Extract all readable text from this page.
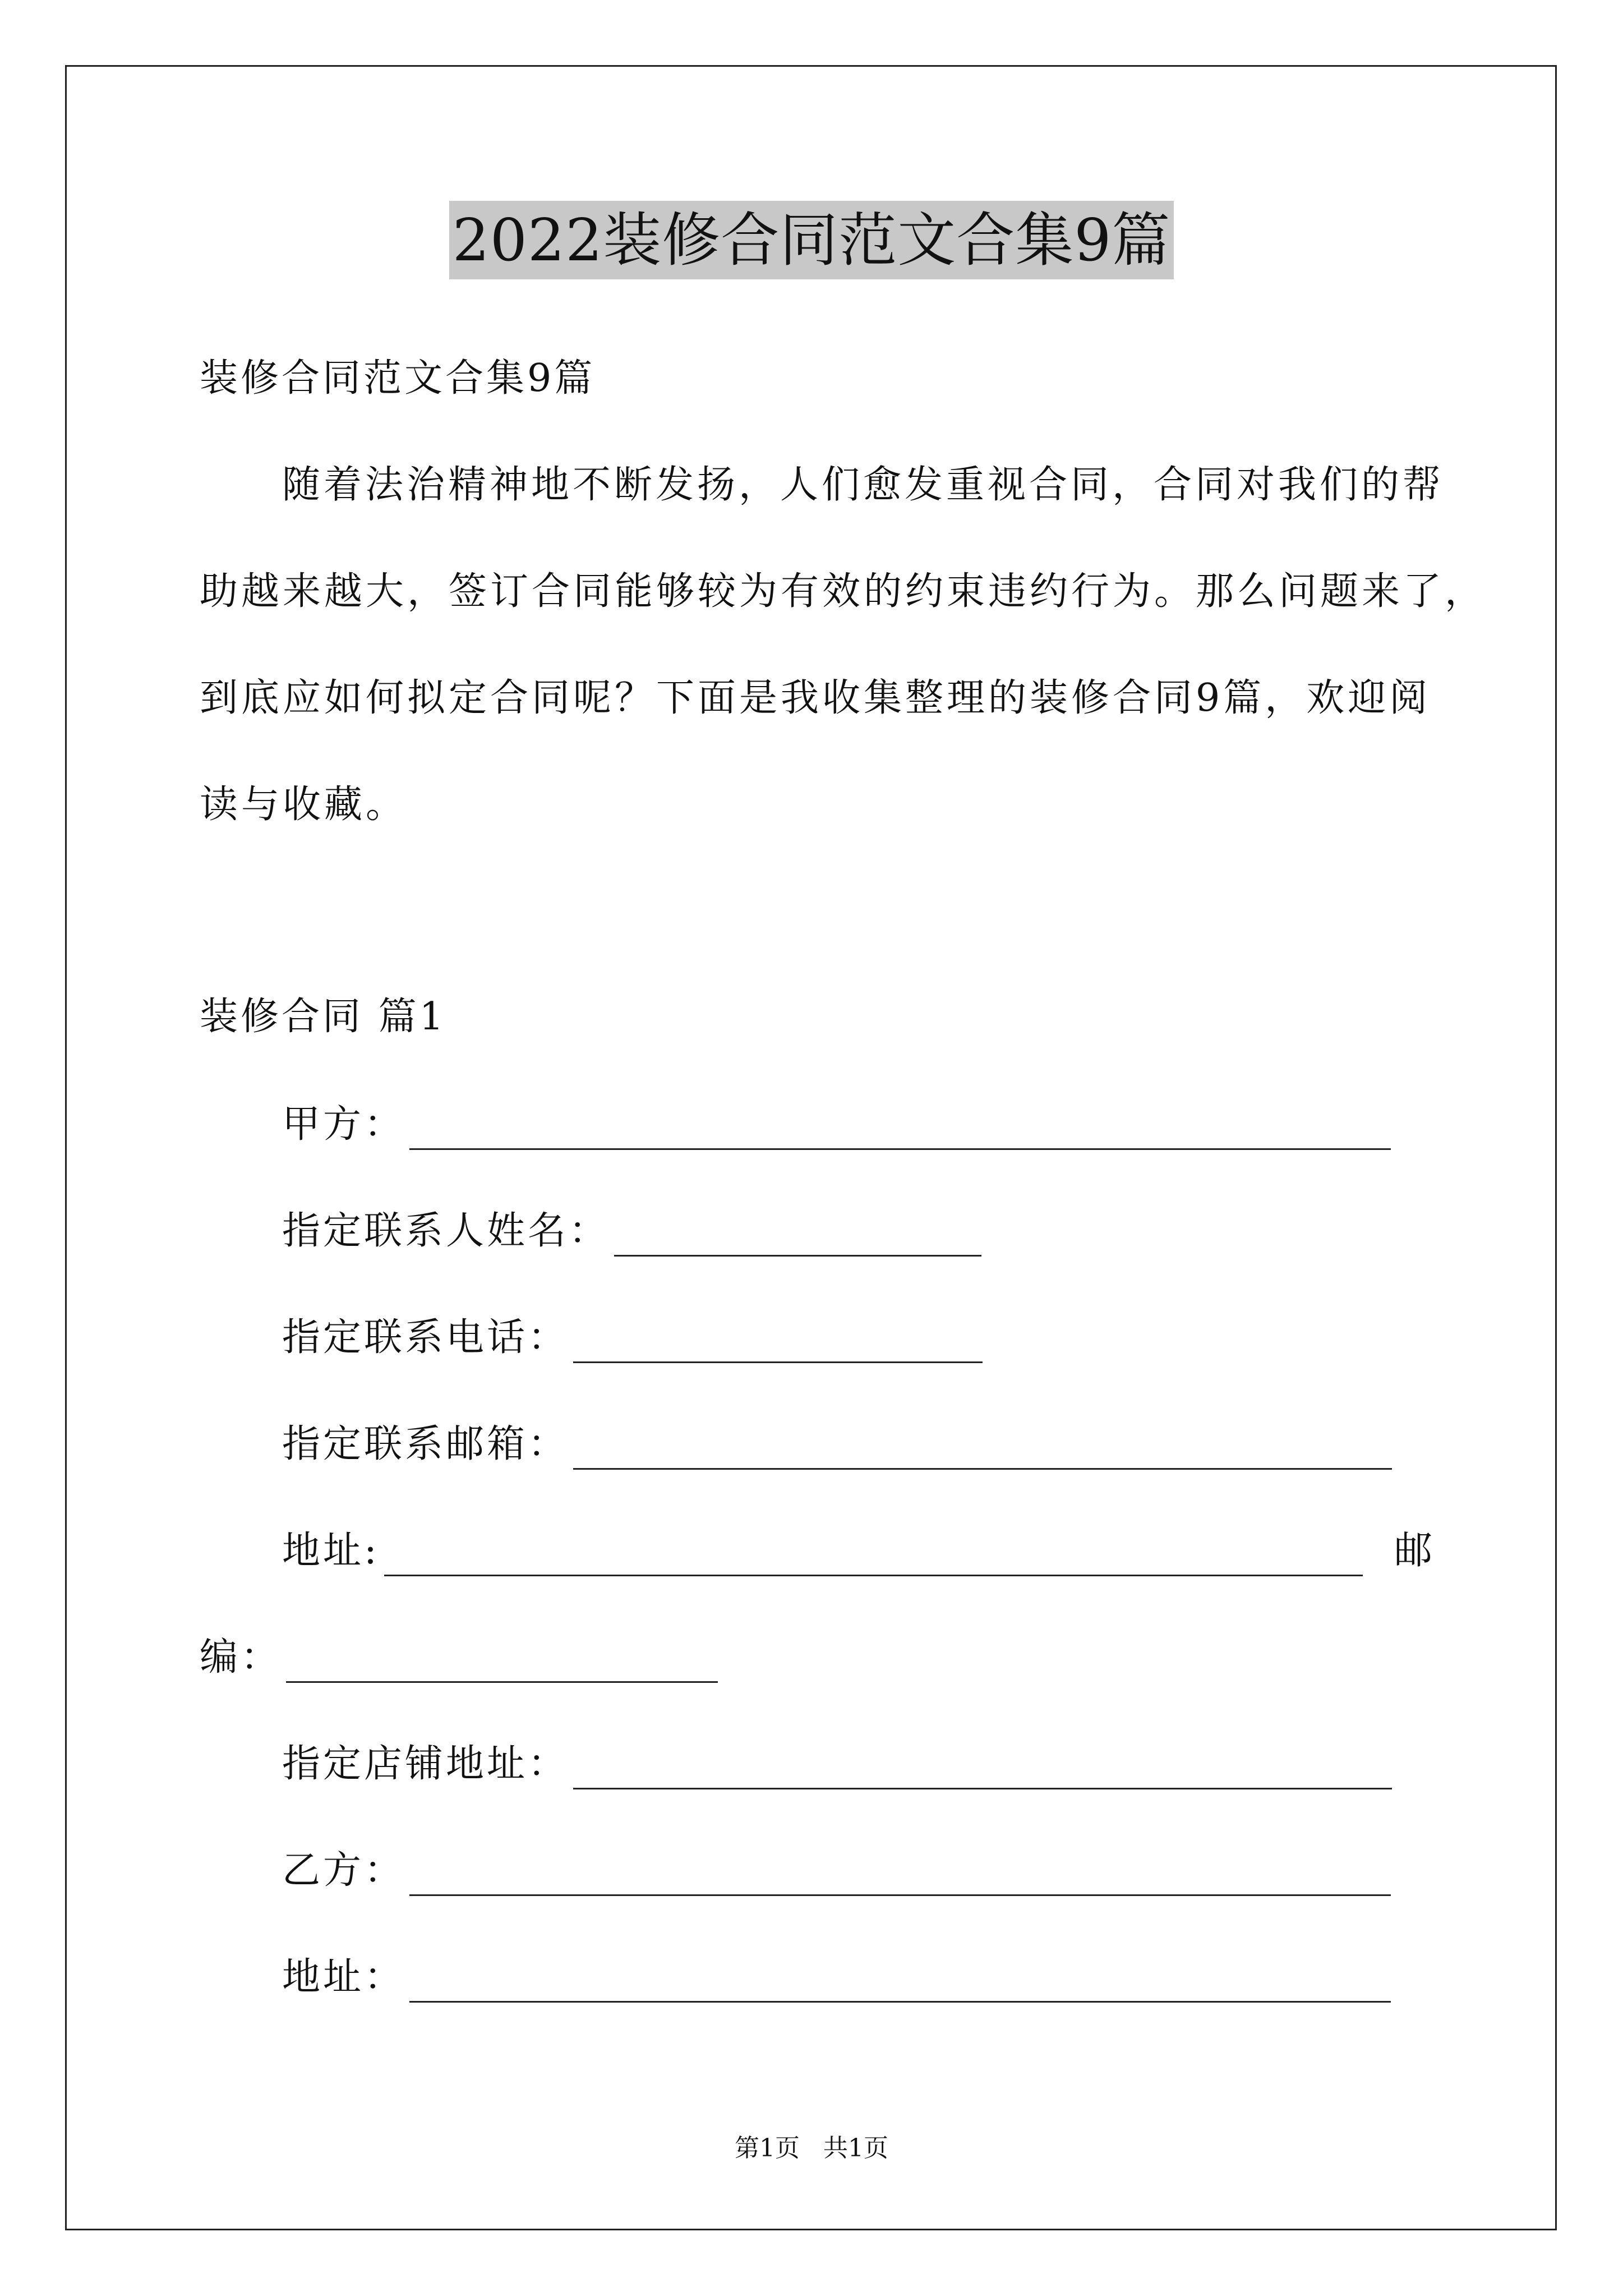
2022装修合同范文合集9篇
装修合同范文合集9篇
随着法治精神地不断发扬，人们愈发重视合同，合同对我们的帮
助越来越大，签订合同能够较为有效的约束违约行为。那么问题来了，
到底应如何拟定合同呢？下面是我收集整理的装修合同9篇，欢迎阅
读与收藏。
装修合同 篇1
甲方：
指定联系人姓名：
指定联系电话：
指定联系邮箱：
地址:	邮
编：
指定店铺地址：
乙方：
地址：
第1页   共1页
